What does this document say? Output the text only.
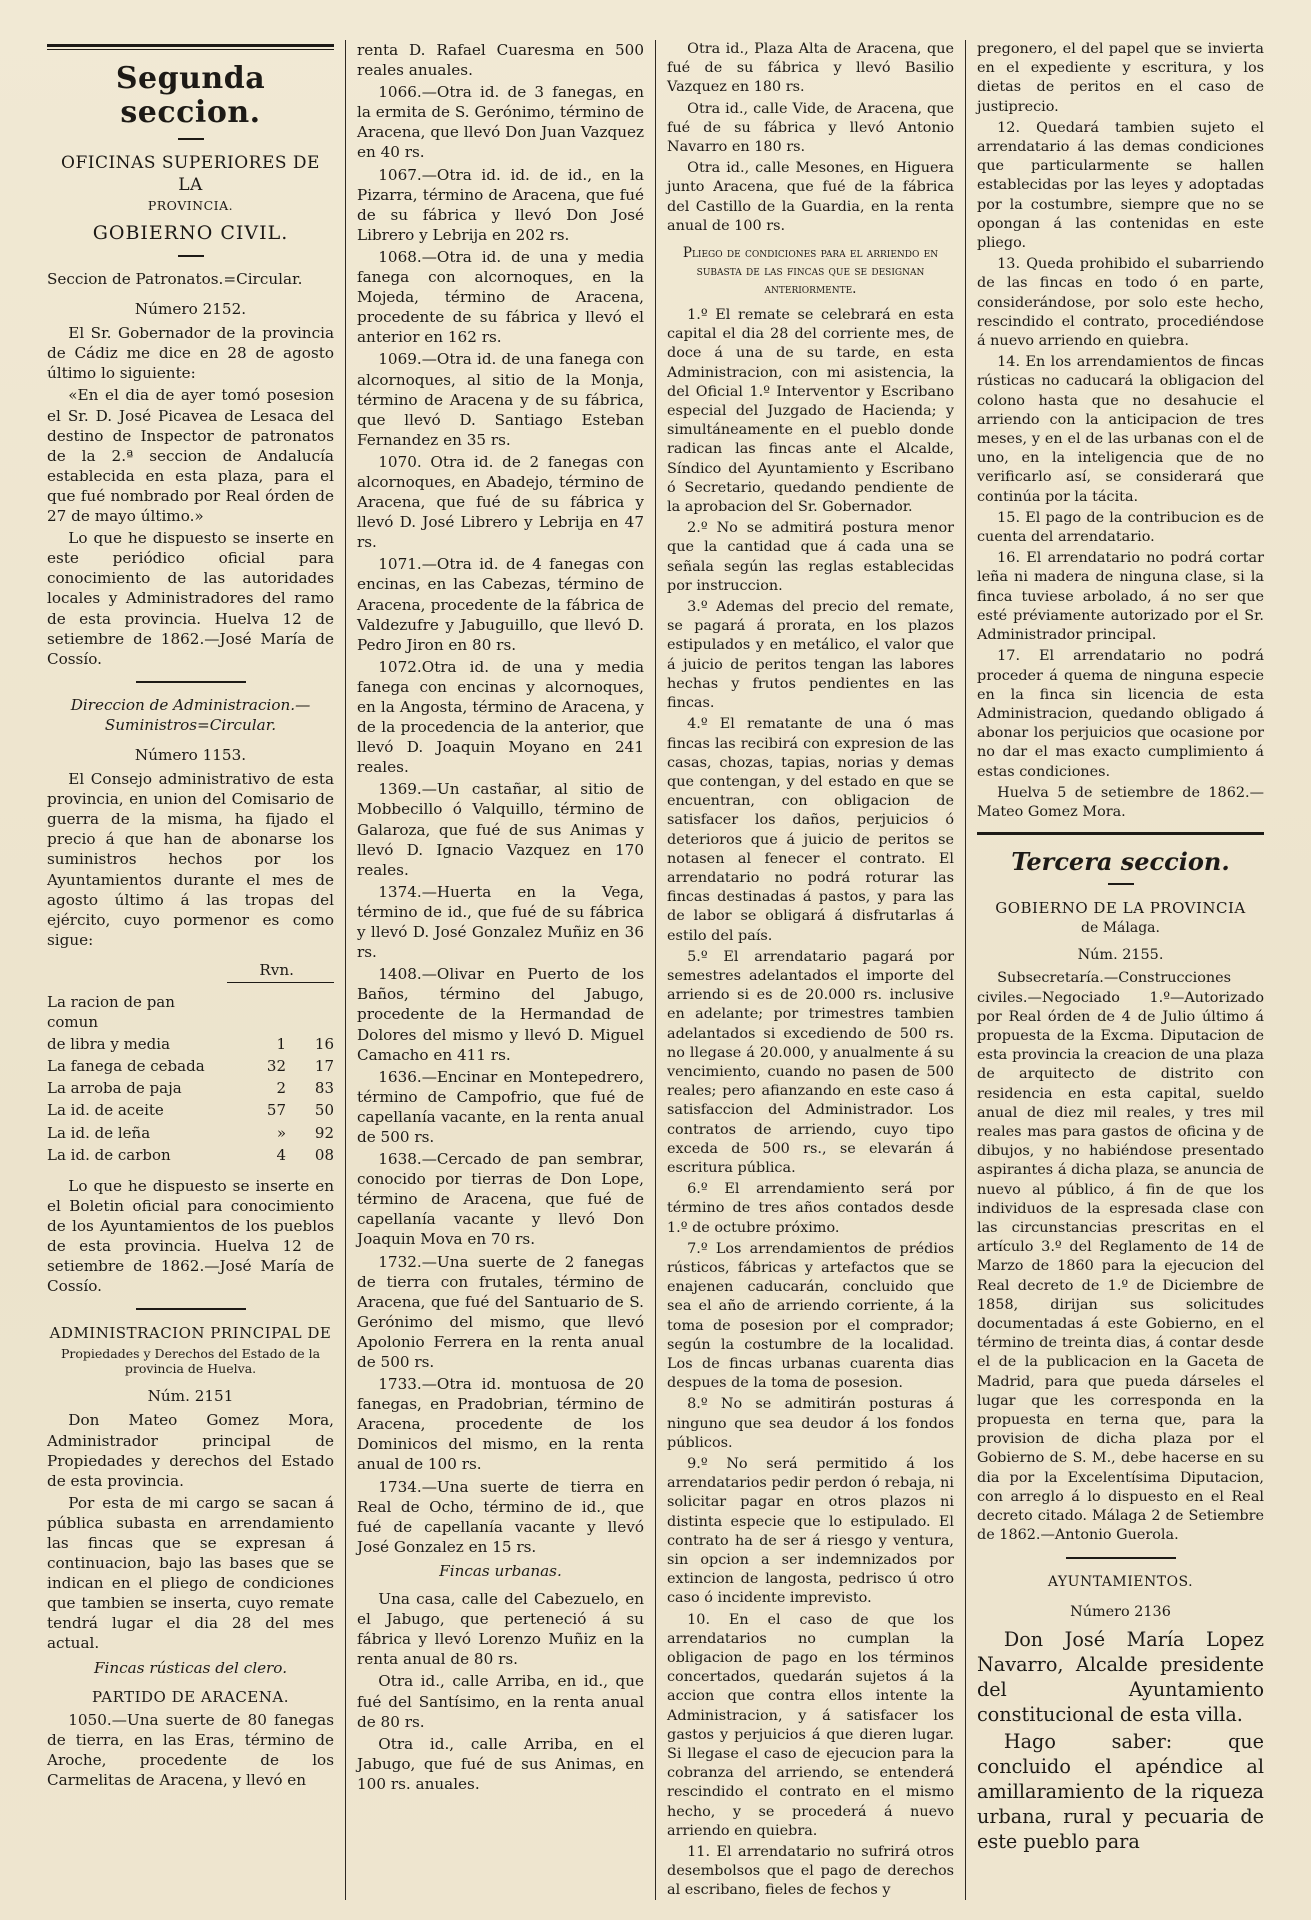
Segunda seccion.
OFICINAS SUPERIORES DE LA
PROVINCIA.
GOBIERNO CIVIL.

Seccion de Patronatos.=Circular.

Número 2152.

El Sr. Gobernador de la provincia de Cádiz me dice en 28 de agosto último lo siguiente:

«En el dia de ayer tomó posesion el Sr. D. José Picavea de Lesaca del destino de Inspector de patronatos de la 2.ª seccion de Andalucía establecida en esta plaza, para el que fué nombrado por Real órden de 27 de mayo último.»

Lo que he dispuesto se inserte en este periódico oficial para conocimiento de las autoridades locales y Administradores del ramo de esta provincia. Huelva 12 de setiembre de 1862.—José María de Cossío.

Direccion de Administracion.—Suministros=Circular.
Número 1153.

El Consejo administrativo de esta provincia, en union del Comisario de guerra de la misma, ha fijado el precio á que han de abonarse los suministros hechos por los Ayuntamientos durante el mes de agosto último á las tropas del ejército, cuyo pormenor es como sigue:

Rvn.
La racion de pan comun		
de libra y media	1	16
La fanega de cebada	32	17
La arroba de paja	2	83
La id. de aceite	57	50
La id. de leña	»	92
La id. de carbon	4	08

Lo que he dispuesto se inserte en el Boletin oficial para conocimiento de los Ayuntamientos de los pueblos de esta provincia. Huelva 12 de setiembre de 1862.—José María de Cossío.

ADMINISTRACION PRINCIPAL DE
Propiedades y Derechos del Estado de la provincia de Huelva.
Núm. 2151

Don Mateo Gomez Mora, Administrador principal de Propiedades y derechos del Estado de esta provincia.

Por esta de mi cargo se sacan á pública subasta en arrendamiento las fincas que se expresan á continuacion, bajo las bases que se indican en el pliego de condiciones que tambien se inserta, cuyo remate tendrá lugar el dia 28 del mes actual.

Fincas rústicas del clero.
PARTIDO DE ARACENA.

1050.—Una suerte de 80 fanegas de tierra, en las Eras, término de Aroche, procedente de los Carmelitas de Aracena, y llevó en

renta D. Rafael Cuaresma en 500 reales anuales.

1066.—Otra id. de 3 fanegas, en la ermita de S. Gerónimo, término de Aracena, que llevó Don Juan Vazquez en 40 rs.

1067.—Otra id. id. de id., en la Pizarra, término de Aracena, que fué de su fábrica y llevó Don José Librero y Lebrija en 202 rs.

1068.—Otra id. de una y media fanega con alcornoques, en la Mojeda, término de Aracena, procedente de su fábrica y llevó el anterior en 162 rs.

1069.—Otra id. de una fanega con alcornoques, al sitio de la Monja, término de Aracena y de su fábrica, que llevó D. Santiago Esteban Fernandez en 35 rs.

1070. Otra id. de 2 fanegas con alcornoques, en Abadejo, término de Aracena, que fué de su fábrica y llevó D. José Librero y Lebrija en 47 rs.

1071.—Otra id. de 4 fanegas con encinas, en las Cabezas, término de Aracena, procedente de la fábrica de Valdezufre y Jabuguillo, que llevó D. Pedro Jiron en 80 rs.

1072.Otra id. de una y media fanega con encinas y alcornoques, en la Angosta, término de Aracena, y de la procedencia de la anterior, que llevó D. Joaquin Moyano en 241 reales.

1369.—Un castañar, al sitio de Mobbecillo ó Valquillo, término de Galaroza, que fué de sus Animas y llevó D. Ignacio Vazquez en 170 reales.

1374.—Huerta en la Vega, término de id., que fué de su fábrica y llevó D. José Gonzalez Muñiz en 36 rs.

1408.—Olivar en Puerto de los Baños, término del Jabugo, procedente de la Hermandad de Dolores del mismo y llevó D. Miguel Camacho en 411 rs.

1636.—Encinar en Montepedrero, término de Campofrio, que fué de capellanía vacante, en la renta anual de 500 rs.

1638.—Cercado de pan sembrar, conocido por tierras de Don Lope, término de Aracena, que fué de capellanía vacante y llevó Don Joaquin Mova en 70 rs.

1732.—Una suerte de 2 fanegas de tierra con frutales, término de Aracena, que fué del Santuario de S. Gerónimo del mismo, que llevó Apolonio Ferrera en la renta anual de 500 rs.

1733.—Otra id. montuosa de 20 fanegas, en Pradobrian, término de Aracena, procedente de los Dominicos del mismo, en la renta anual de 100 rs.

1734.—Una suerte de tierra en Real de Ocho, término de id., que fué de capellanía vacante y llevó José Gonzalez en 15 rs.

Fincas urbanas.

Una casa, calle del Cabezuelo, en el Jabugo, que perteneció á su fábrica y llevó Lorenzo Muñiz en la renta anual de 80 rs.

Otra id., calle Arriba, en id., que fué del Santísimo, en la renta anual de 80 rs.

Otra id., calle Arriba, en el Jabugo, que fué de sus Animas, en 100 rs. anuales.

Otra id., Plaza Alta de Aracena, que fué de su fábrica y llevó Basilio Vazquez en 180 rs.

Otra id., calle Vide, de Aracena, que fué de su fábrica y llevó Antonio Navarro en 180 rs.

Otra id., calle Mesones, en Higuera junto Aracena, que fué de la fábrica del Castillo de la Guardia, en la renta anual de 100 rs.

Pliego de condiciones para el arriendo en subasta de las fincas que se designan anteriormente.

1.º El remate se celebrará en esta capital el dia 28 del corriente mes, de doce á una de su tarde, en esta Administracion, con mi asistencia, la del Oficial 1.º Interventor y Escribano especial del Juzgado de Hacienda; y simultáneamente en el pueblo donde radican las fincas ante el Alcalde, Síndico del Ayuntamiento y Escribano ó Secretario, quedando pendiente de la aprobacion del Sr. Gobernador.

2.º No se admitirá postura menor que la cantidad que á cada una se señala según las reglas establecidas por instruccion.

3.º Ademas del precio del remate, se pagará á prorata, en los plazos estipulados y en metálico, el valor que á juicio de peritos tengan las labores hechas y frutos pendientes en las fincas.

4.º El rematante de una ó mas fincas las recibirá con expresion de las casas, chozas, tapias, norias y demas que contengan, y del estado en que se encuentran, con obligacion de satisfacer los daños, perjuicios ó deterioros que á juicio de peritos se notasen al fenecer el contrato. El arrendatario no podrá roturar las fincas destinadas á pastos, y para las de labor se obligará á disfrutarlas á estilo del país.

5.º El arrendatario pagará por semestres adelantados el importe del arriendo si es de 20.000 rs. inclusive en adelante; por trimestres tambien adelantados si excediendo de 500 rs. no llegase á 20.000, y anualmente á su vencimiento, cuando no pasen de 500 reales; pero afianzando en este caso á satisfaccion del Administrador. Los contratos de arriendo, cuyo tipo exceda de 500 rs., se elevarán á escritura pública.

6.º El arrendamiento será por término de tres años contados desde 1.º de octubre próximo.

7.º Los arrendamientos de prédios rústicos, fábricas y artefactos que se enajenen caducarán, concluido que sea el año de arriendo corriente, á la toma de posesion por el comprador; según la costumbre de la localidad. Los de fincas urbanas cuarenta dias despues de la toma de posesion.

8.º No se admitirán posturas á ninguno que sea deudor á los fondos públicos.

9.º No será permitido á los arrendatarios pedir perdon ó rebaja, ni solicitar pagar en otros plazos ni distinta especie que lo estipulado. El contrato ha de ser á riesgo y ventura, sin opcion a ser indemnizados por extincion de langosta, pedrisco ú otro caso ó incidente imprevisto.

10. En el caso de que los arrendatarios no cumplan la obligacion de pago en los términos concertados, quedarán sujetos á la accion que contra ellos intente la Administracion, y á satisfacer los gastos y perjuicios á que dieren lugar. Si llegase el caso de ejecucion para la cobranza del arriendo, se entenderá rescindido el contrato en el mismo hecho, y se procederá á nuevo arriendo en quiebra.

11. El arrendatario no sufrirá otros desembolsos que el pago de derechos al escribano, fieles de fechos y

pregonero, el del papel que se invierta en el expediente y escritura, y los dietas de peritos en el caso de justiprecio.

12. Quedará tambien sujeto el arrendatario á las demas condiciones que particularmente se hallen establecidas por las leyes y adoptadas por la costumbre, siempre que no se opongan á las contenidas en este pliego.

13. Queda prohibido el subarriendo de las fincas en todo ó en parte, considerándose, por solo este hecho, rescindido el contrato, procediéndose á nuevo arriendo en quiebra.

14. En los arrendamientos de fincas rústicas no caducará la obligacion del colono hasta que no desahucie el arriendo con la anticipacion de tres meses, y en el de las urbanas con el de uno, en la inteligencia que de no verificarlo así, se considerará que continúa por la tácita.

15. El pago de la contribucion es de cuenta del arrendatario.

16. El arrendatario no podrá cortar leña ni madera de ninguna clase, si la finca tuviese arbolado, á no ser que esté préviamente autorizado por el Sr. Administrador principal.

17. El arrendatario no podrá proceder á quema de ninguna especie en la finca sin licencia de esta Administracion, quedando obligado á abonar los perjuicios que ocasione por no dar el mas exacto cumplimiento á estas condiciones.

Huelva 5 de setiembre de 1862.—Mateo Gomez Mora.

Tercera seccion.
GOBIERNO DE LA PROVINCIA
de Málaga.
Núm. 2155.

Subsecretaría.—Construcciones civiles.—Negociado 1.º—Autorizado por Real órden de 4 de Julio último á propuesta de la Excma. Diputacion de esta provincia la creacion de una plaza de arquitecto de distrito con residencia en esta capital, sueldo anual de diez mil reales, y tres mil reales mas para gastos de oficina y de dibujos, y no habiéndose presentado aspirantes á dicha plaza, se anuncia de nuevo al público, á fin de que los individuos de la espresada clase con las circunstancias prescritas en el artículo 3.º del Reglamento de 14 de Marzo de 1860 para la ejecucion del Real decreto de 1.º de Diciembre de 1858, dirijan sus solicitudes documentadas á este Gobierno, en el término de treinta dias, á contar desde el de la publicacion en la Gaceta de Madrid, para que pueda dárseles el lugar que les corresponda en la propuesta en terna que, para la provision de dicha plaza por el Gobierno de S. M., debe hacerse en su dia por la Excelentísima Diputacion, con arreglo á lo dispuesto en el Real decreto citado. Málaga 2 de Setiembre de 1862.—Antonio Guerola.

AYUNTAMIENTOS.
Número 2136

Don José María Lopez Navarro, Alcalde presidente del Ayuntamiento constitucional de esta villa.

Hago saber: que concluido el apéndice al amillaramiento de la riqueza urbana, rural y pecuaria de este pueblo para
